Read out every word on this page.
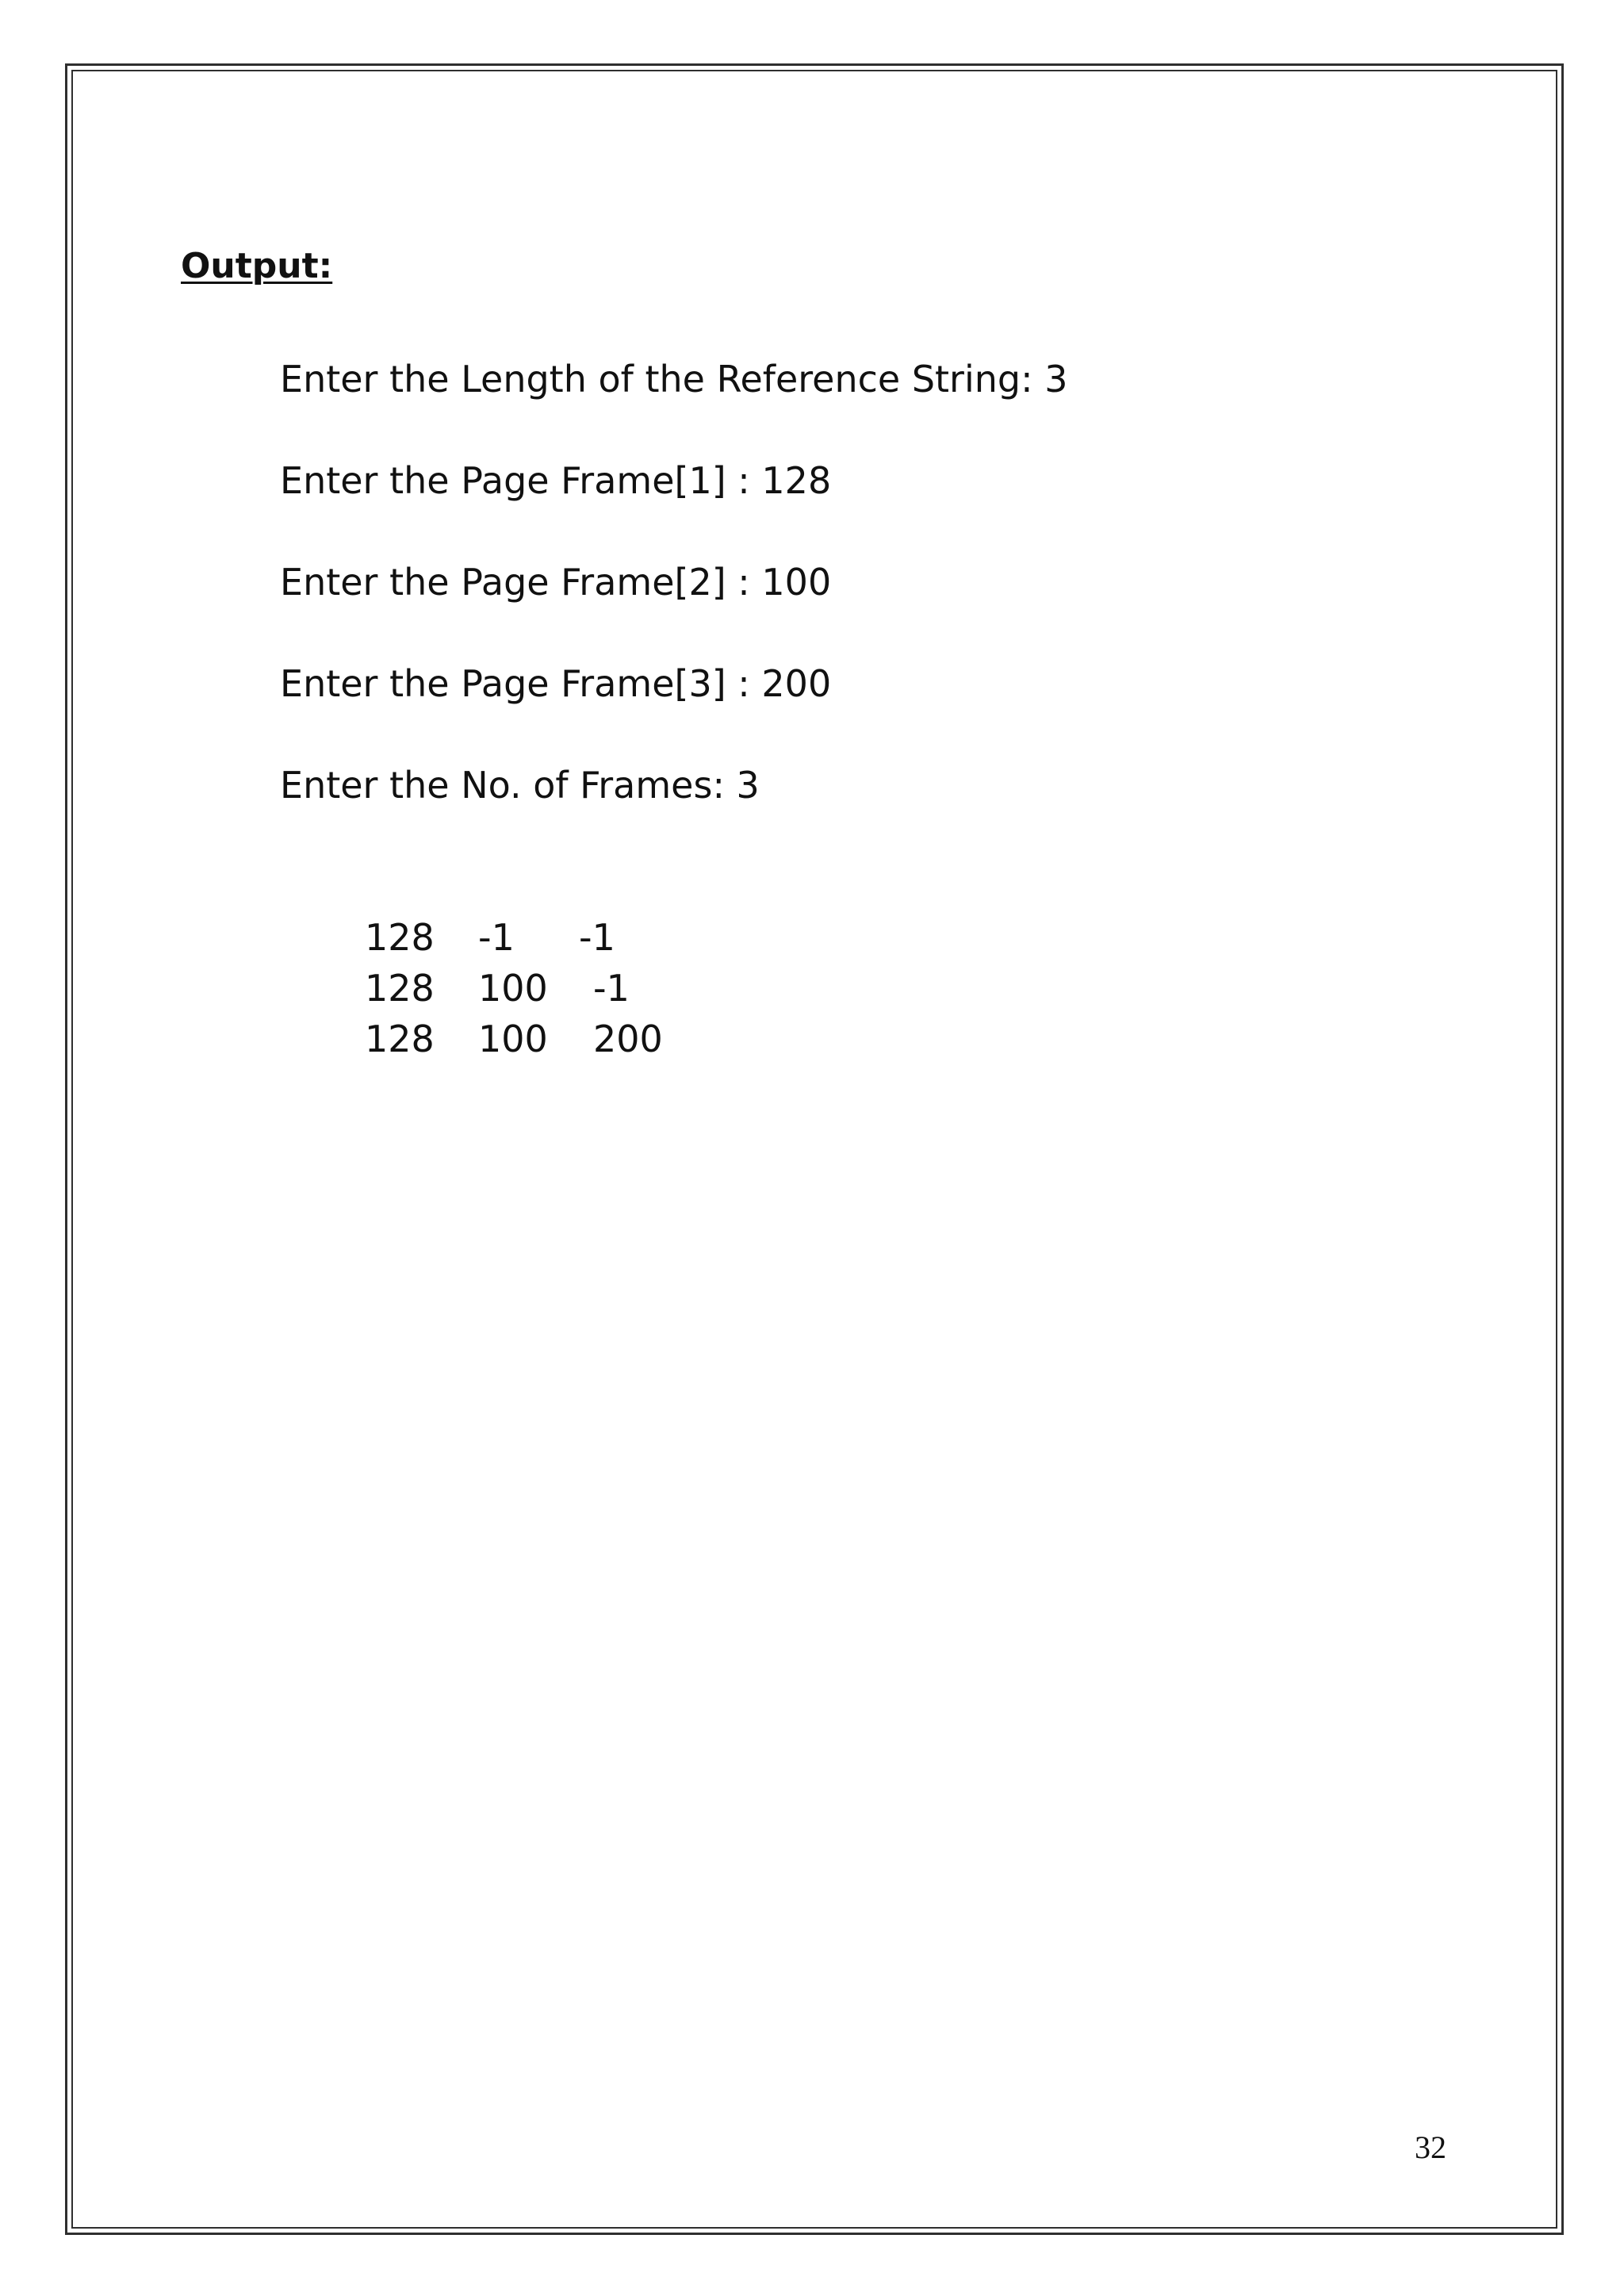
Output:
Enter the Length of the Reference String: 3
Enter the Page Frame[1] : 128
Enter the Page Frame[2] : 100
Enter the Page Frame[3] : 200
Enter the No. of Frames: 3
128 -1 -1
128 100 -1
128 100 200
32
